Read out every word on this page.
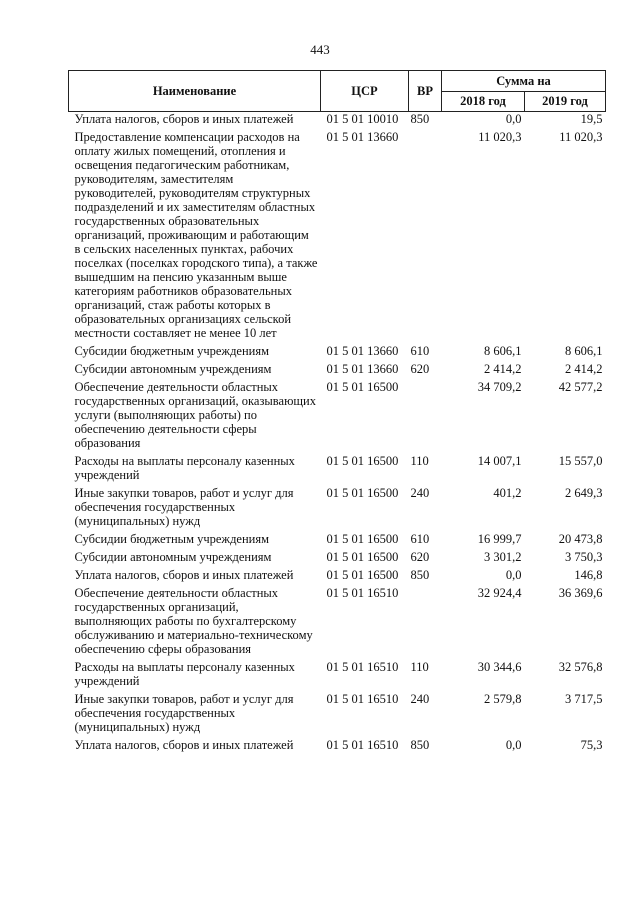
443
Наименование	ЦСР	ВР	Сумма на	
			2018 год	2019 год
Уплата налогов, сборов и иных платежей	01 5 01 10010	850	0,0	19,5
Предоставление компенсации расходов на оплату жилых помещений, отопления и освещения педагогическим работникам, руководителям, заместителям руководителей, руководителям структурных подразделений и их заместителям областных государственных образовательных организаций, проживающим и работающим в сельских населенных пунктах, рабочих поселках (поселках городского типа), а также вышедшим на пенсию указанным выше категориям работников образовательных организаций, стаж работы которых в образовательных организациях сельской местности составляет не менее 10 лет	01 5 01 13660		11 020,3	11 020,3
Субсидии бюджетным учреждениям	01 5 01 13660	610	8 606,1	8 606,1
Субсидии автономным учреждениям	01 5 01 13660	620	2 414,2	2 414,2
Обеспечение деятельности областных государственных организаций, оказывающих услуги (выполняющих работы) по обеспечению деятельности сферы образования	01 5 01 16500		34 709,2	42 577,2
Расходы на выплаты персоналу казенных учреждений	01 5 01 16500	110	14 007,1	15 557,0
Иные закупки товаров, работ и услуг для обеспечения государственных (муниципальных) нужд	01 5 01 16500	240	401,2	2 649,3
Субсидии бюджетным учреждениям	01 5 01 16500	610	16 999,7	20 473,8
Субсидии автономным учреждениям	01 5 01 16500	620	3 301,2	3 750,3
Уплата налогов, сборов и иных платежей	01 5 01 16500	850	0,0	146,8
Обеспечение деятельности областных государственных организаций, выполняющих работы по бухгалтерскому обслуживанию и материально-техническому обеспечению сферы образования	01 5 01 16510		32 924,4	36 369,6
Расходы на выплаты персоналу казенных учреждений	01 5 01 16510	110	30 344,6	32 576,8
Иные закупки товаров, работ и услуг для обеспечения государственных (муниципальных) нужд	01 5 01 16510	240	2 579,8	3 717,5
Уплата налогов, сборов и иных платежей	01 5 01 16510	850	0,0	75,3
